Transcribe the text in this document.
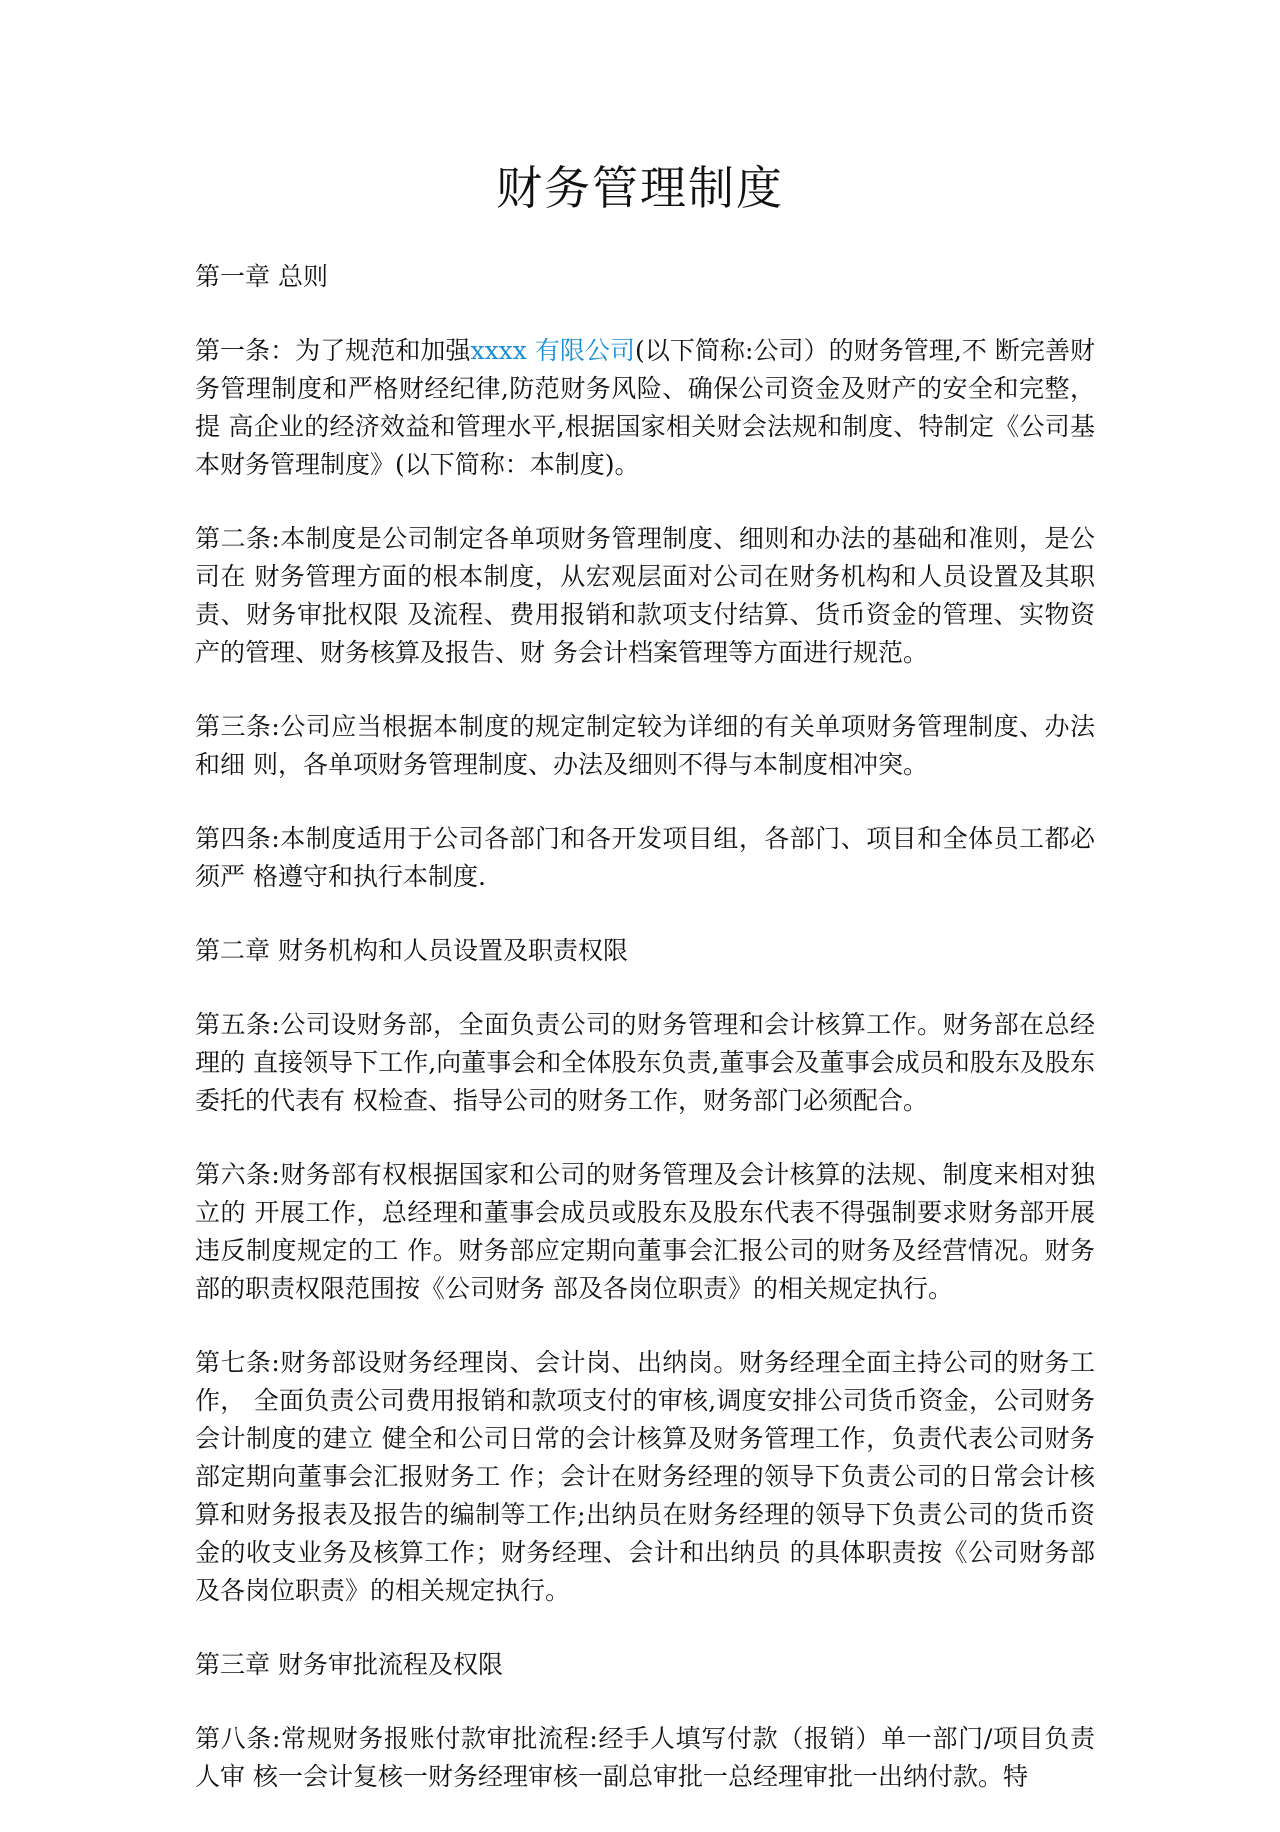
财务管理制度
第一章 总则

第一条：为了规范和加强xxxx 有限公司(以下简称:公司）的财务管理,不 断完善财务管理制度和严格财经纪律,防范财务风险、确保公司资金及财产的安全和完整，提 高企业的经济效益和管理水平,根据国家相关财会法规和制度、特制定《公司基本财务管理制度》(以下简称：本制度)。

第二条:本制度是公司制定各单项财务管理制度、细则和办法的基础和准则，是公司在 财务管理方面的根本制度，从宏观层面对公司在财务机构和人员设置及其职责、财务审批权限 及流程、费用报销和款项支付结算、货币资金的管理、实物资产的管理、财务核算及报告、财 务会计档案管理等方面进行规范。

第三条:公司应当根据本制度的规定制定较为详细的有关单项财务管理制度、办法和细 则，各单项财务管理制度、办法及细则不得与本制度相冲突。

第四条:本制度适用于公司各部门和各开发项目组，各部门、项目和全体员工都必须严 格遵守和执行本制度.

第二章 财务机构和人员设置及职责权限

第五条:公司设财务部，全面负责公司的财务管理和会计核算工作。财务部在总经理的 直接领导下工作,向董事会和全体股东负责,董事会及董事会成员和股东及股东委托的代表有 权检查、指导公司的财务工作，财务部门必须配合。

第六条:财务部有权根据国家和公司的财务管理及会计核算的法规、制度来相对独立的 开展工作，总经理和董事会成员或股东及股东代表不得强制要求财务部开展违反制度规定的工 作。财务部应定期向董事会汇报公司的财务及经营情况。财务部的职责权限范围按《公司财务 部及各岗位职责》的相关规定执行。

第七条:财务部设财务经理岗、会计岗、出纳岗。财务经理全面主持公司的财务工作， 全面负责公司费用报销和款项支付的审核,调度安排公司货币资金，公司财务会计制度的建立 健全和公司日常的会计核算及财务管理工作，负责代表公司财务部定期向董事会汇报财务工 作；会计在财务经理的领导下负责公司的日常会计核算和财务报表及报告的编制等工作;出纳员在财务经理的领导下负责公司的货币资金的收支业务及核算工作；财务经理、会计和出纳员 的具体职责按《公司财务部及各岗位职责》的相关规定执行。

第三章 财务审批流程及权限

第八条:常规财务报账付款审批流程:经手人填写付款（报销）单一部门/项目负责人审 核一会计复核一财务经理审核一副总审批一总经理审批一出纳付款。特
